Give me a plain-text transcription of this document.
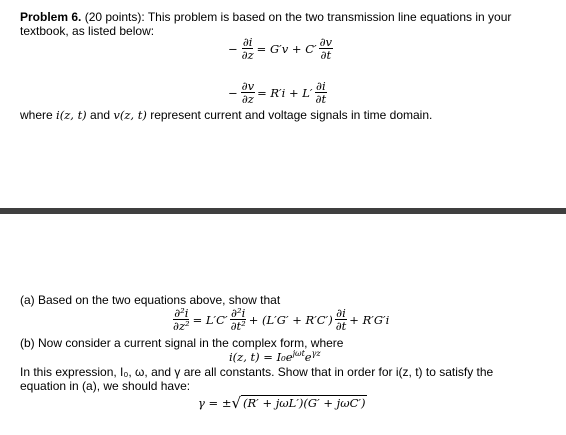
Problem 6. (20 points): This problem is based on the two transmission line equations in your
textbook, as listed below:
− $\frac{\partial i}{\partial z} = G'v + C' \frac{\partial v}{\partial t}$
− $\frac{\partial v}{\partial z} = R'i + L' \frac{\partial i}{\partial t}$
where i(z, t) and v(z, t) represent current and voltage signals in time domain.
(a) Based on the two equations above, show that
$\frac{\text{∂²i}}{\text{∂z²}} = L'C' \frac{\text{∂²i}}{\text{∂t²}} + (L'G' + R'C') \frac{\partial i}{\partial t} + R'G'i$
(b) Now consider a current signal in the complex form, where
i(z, $t) = I_0e^{j\omega t}e^{\gamma z}$
In this expression, I₀, ω, and γ are all constants. Show that in order for i(z, t) to satisfy the
equation in (a), we should have:
γ = ± √ (R′ + jωL′)(G′ + jωC′)
